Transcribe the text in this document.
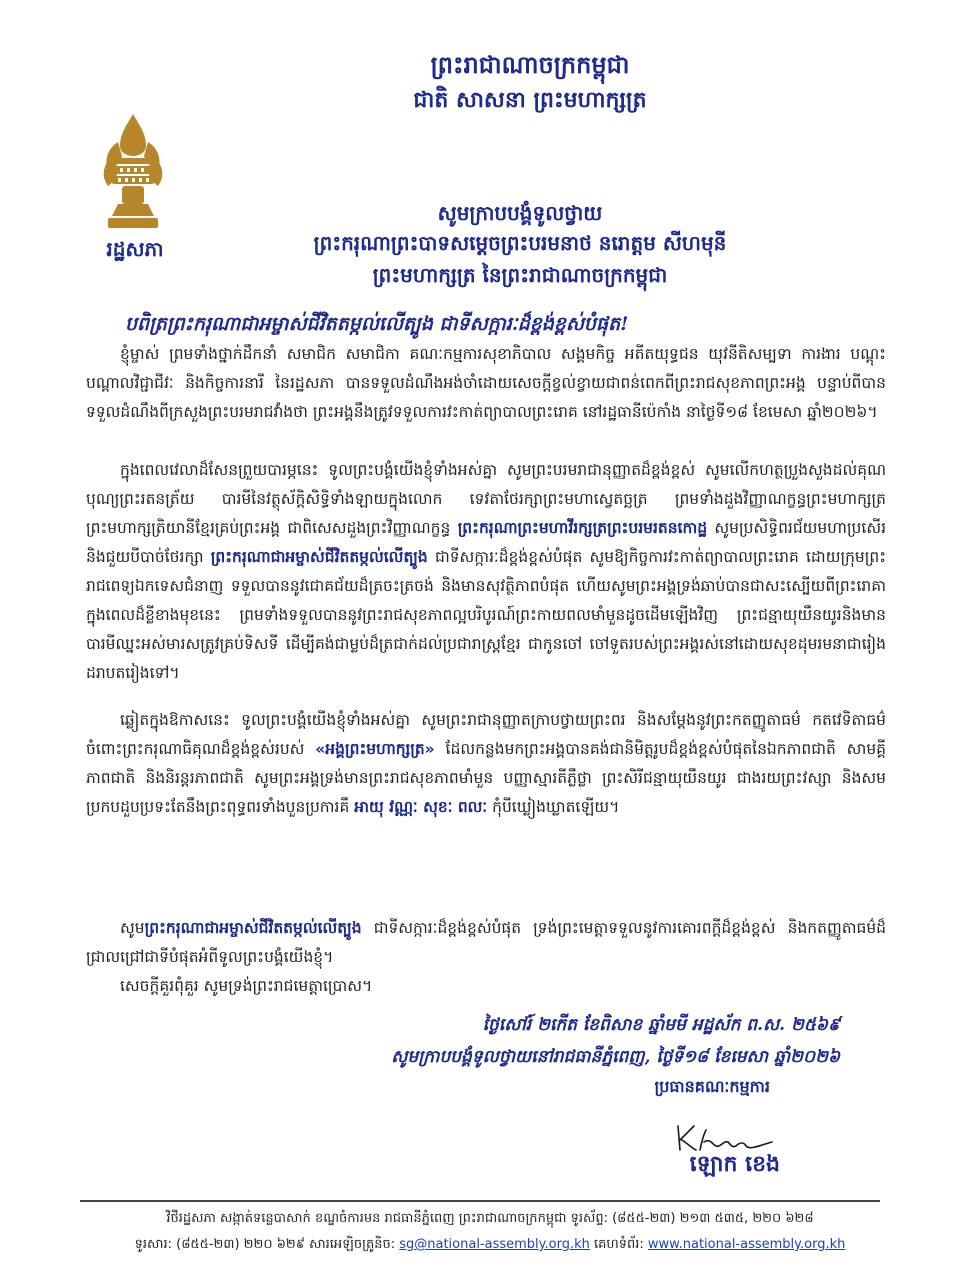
ព្រះរាជាណាចក្រកម្ពុជា
ជាតិ សាសនា ព្រះមហាក្សត្រ
រដ្ឋសភា
សូមក្រាបបង្គំទូលថ្វាយ
ព្រះករុណាព្រះបាទសម្ដេចព្រះបរមនាថ នរោត្តម សីហមុនី
ព្រះមហាក្សត្រ នៃព្រះរាជាណាចក្រកម្ពុជា
បពិត្រព្រះករុណាជាអម្ចាស់ជីវិតតម្កល់លើត្បូង ជាទីសក្ការៈដ៏ខ្ពង់ខ្ពស់បំផុត!

ខ្ញុំម្ចាស់ ព្រមទាំងថ្នាក់ដឹកនាំ សមាជិក សមាជិកា គណៈកម្មការសុខាភិបាល សង្គមកិច្ច អតីតយុទ្ធជន យុវនីតិសម្បទា ការងារ បណ្ដុះបណ្ដាលវិជ្ជាជីវៈ និងកិច្ចការនារី នៃរដ្ឋសភា បានទទួលដំណឹងអង់ចាំដោយសេចក្ដីខ្វល់ខ្វាយជាពន់ពេកពីព្រះរាជសុខភាពព្រះអង្គ បន្ទាប់ពីបានទទួលដំណឹងពីក្រសួងព្រះបរមរាជវាំងថា ព្រះអង្គនឹងត្រូវទទួលការវះកាត់ព្យាបាលព្រះរោគ នៅរដ្ឋធានីប៉េកាំង នាថ្ងៃទី១៨ ខែមេសា ឆ្នាំ២០២៦។

ក្នុងពេលវេលាដ៏សែនព្រួយបារម្ភនេះ ទូលព្រះបង្គំយើងខ្ញុំទាំងអស់គ្នា សូមព្រះបរមរាជានុញ្ញាតដ៏ខ្ពង់ខ្ពស់ សូមលើកហត្ថប្រួងសួងដល់គុណបុណ្យព្រះរតនត្រ័យ បារមីនៃវត្ថុស័ក្តិសិទ្ធិទាំងឡាយក្នុងលោក ទេវតាថែរក្សាព្រះមហាស្វេតច្ឆត្រ ព្រមទាំងដួងវិញ្ញាណក្ខន្ធព្រះមហាក្សត្រ ព្រះមហាក្សត្រិយានីខ្មែរគ្រប់ព្រះអង្គ ជាពិសេសដួងព្រះវិញ្ញាណក្ខន្ធ ព្រះករុណាព្រះមហាវីរក្សត្រព្រះបរមរតនកោដ្ឋ សូមប្រសិទ្ធិពរជ័យមហាប្រសើរនិងជួយបីបាច់ថែរក្សា ព្រះករុណាជាអម្ចាស់ជីវិតតម្កល់លើត្បូង ជាទីសក្ការៈដ៏ខ្ពង់ខ្ពស់បំផុត សូមឱ្យកិច្ចការវះកាត់ព្យាបាលព្រះរោគ ដោយក្រុមព្រះរាជពេទ្យឯកទេសជំនាញ ទទួលបាននូវជោគជ័យដ៏ត្រចះត្រចង់ និងមានសុវត្ថិភាពបំផុត ហើយសូមព្រះអង្គទ្រង់ឆាប់បានជាសះស្បើយពីព្រះរោគា ក្នុងពេលដ៏ខ្លីខាងមុខនេះ ព្រមទាំងទទួលបាននូវព្រះរាជសុខភាពល្អបរិបូរណ៍ព្រះកាយពលមាំមួនដូចដើមឡើងវិញ ព្រះជន្មាយុយឺនយូរនិងមានបារមីឈ្នះអស់មារសត្រូវគ្រប់ទិសទី ដើម្បីគង់ជាម្លប់ដ៏ត្រជាក់ដល់ប្រជារាស្ត្រខ្មែរ ជាកូនចៅ ចៅទួតរបស់ព្រះអង្គរស់នៅដោយសុខដុមរមនាជារៀងដរាបតរៀងទៅ។

ឆ្លៀតក្នុងឱកាសនេះ ទូលព្រះបង្គំយើងខ្ញុំទាំងអស់គ្នា សូមព្រះរាជានុញ្ញាតក្រាបថ្វាយព្រះពរ និងសម្ដែងនូវព្រះកតញ្ញូតាធម៌ កតវេទិតាធម៌ ចំពោះព្រះករុណាធិគុណដ៏ខ្ពង់ខ្ពស់របស់ «អង្គព្រះមហាក្សត្រ» ដែលកន្លងមកព្រះអង្គបានគង់ជានិមិត្តរូបដ៏ខ្ពង់ខ្ពស់បំផុតនៃឯកភាពជាតិ សាមគ្គីភាពជាតិ និងនិរន្តរភាពជាតិ សូមព្រះអង្គទ្រង់មានព្រះរាជសុខភាពមាំមួន បញ្ញាស្មារតីភ្លឺថ្លា ព្រះសិរីជន្មាយុយឺនយូរ ជាងរយព្រះវស្សា និងសមប្រកបដួបប្រទះតែនឹងព្រះពុទ្ធពរទាំងបួនប្រការគឺ អាយុ វណ្ណៈ សុខៈ ពលៈ កុំបីឃ្លៀងឃ្លាតឡើយ។

សូមព្រះករុណាជាអម្ចាស់ជីវិតតម្កល់លើត្បូង ជាទីសក្ការៈដ៏ខ្ពង់ខ្ពស់បំផុត ទ្រង់ព្រះមេត្តាទទួលនូវការគោរពក្ដីដ៏ខ្ពង់ខ្ពស់ និងកតញ្ញូតាធម៌ដ៏ជ្រាលជ្រៅជាទីបំផុតអំពីទូលព្រះបង្គំយើងខ្ញុំ។

សេចក្ដីគួរពុំគួរ សូមទ្រង់ព្រះរាជមេត្តាប្រោស។

ថ្ងៃសៅរ៍ ២កើត ខែពិសាខ ឆ្នាំមមី អដ្ឋស័ក ព.ស. ២៥៦៩
សូមក្រាបបង្គំទូលថ្វាយនៅរាជធានីភ្នំពេញ, ថ្ងៃទី១៨ ខែមេសា ឆ្នាំ២០២៦
ប្រធានគណៈកម្មការ
ឡោក ខេង
វិថីរដ្ឋសភា សង្កាត់ទន្លេបាសាក់ ខណ្ឌចំការមន រាជធានីភ្នំពេញ ព្រះរាជាណាចក្រកម្ពុជា ទូរស័ព្ទ: (៨៥៥-២៣) ២១៣ ៥៣៥, ២២០ ៦២៨
ទូរសារ: (៨៥៥-២៣) ២២០ ៦២៩ សារអេឡិចត្រូនិច: sg@national-assembly.org.kh គេហទំព័រ: www.national-assembly.org.kh
